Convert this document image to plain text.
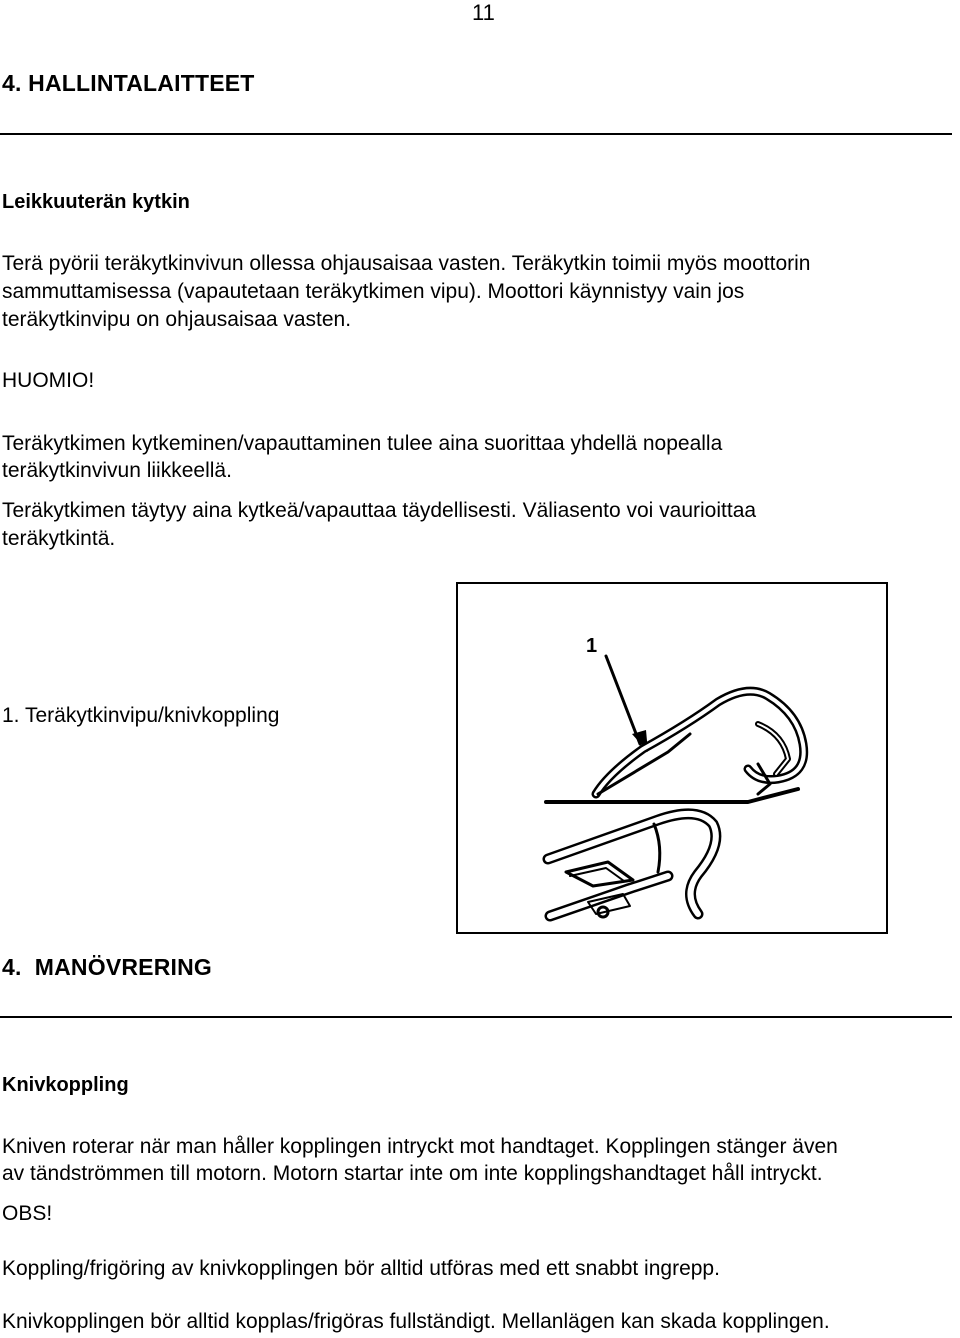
11
4. HALLINTALAITTEET
Leikkuuterän kytkin
Terä pyörii teräkytkinvivun ollessa ohjausaisaa vasten. Teräkytkin toimii myös moottorin
sammuttamisessa (vapautetaan teräkytkimen vipu). Moottori käynnistyy vain jos
teräkytkinvipu on ohjausaisaa vasten.
HUOMIO!
Teräkytkimen kytkeminen/vapauttaminen tulee aina suorittaa yhdellä nopealla
teräkytkinvivun liikkeellä.
Teräkytkimen täytyy aina kytkeä/vapauttaa täydellisesti. Väliasento voi vaurioittaa
teräkytkintä.
1
1. Teräkytkinvipu/knivkoppling
4.  MANÖVRERING
Knivkoppling
Kniven roterar när man håller kopplingen intryckt mot handtaget. Kopplingen stänger även
av tändströmmen till motorn. Motorn startar inte om inte kopplingshandtaget håll intryckt.
OBS!
Koppling/frigöring av knivkopplingen bör alltid utföras med ett snabbt ingrepp.
Knivkopplingen bör alltid kopplas/frigöras fullständigt. Mellanlägen kan skada kopplingen.
